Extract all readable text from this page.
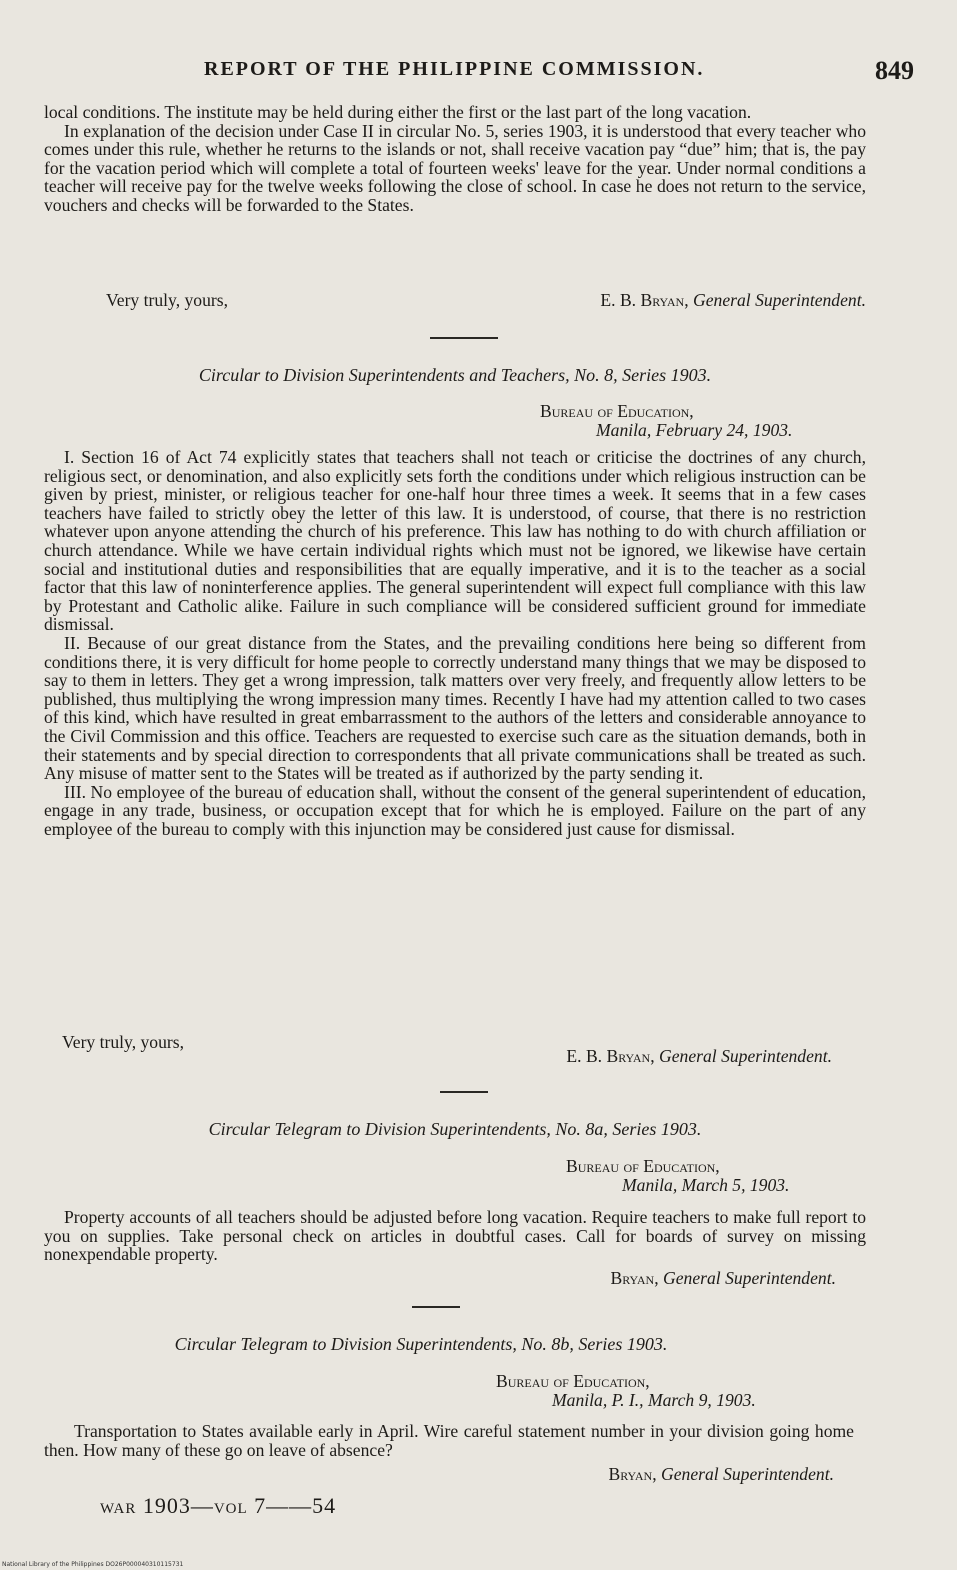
REPORT OF THE PHILIPPINE COMMISSION.	849

local conditions. The institute may be held during either the first or the last part of the long vacation.

In explanation of the decision under Case II in circular No. 5, series 1903, it is understood that every teacher who comes under this rule, whether he returns to the islands or not, shall receive vacation pay “due” him; that is, the pay for the vacation period which will complete a total of fourteen weeks' leave for the year. Under normal conditions a teacher will receive pay for the twelve weeks following the close of school. In case he does not return to the service, vouchers and checks will be forwarded to the States.

Very truly, yours,	E. B. Bryan, General Superintendent.
Circular to Division Superintendents and Teachers, No. 8, Series 1903.
Bureau of Education,
Manila, February 24, 1903.

I. Section 16 of Act 74 explicitly states that teachers shall not teach or criticise the doctrines of any church, religious sect, or denomination, and also explicitly sets forth the conditions under which religious instruction can be given by priest, minister, or religious teacher for one-half hour three times a week. It seems that in a few cases teachers have failed to strictly obey the letter of this law. It is understood, of course, that there is no restriction whatever upon anyone attending the church of his preference. This law has nothing to do with church affiliation or church attendance. While we have certain individual rights which must not be ignored, we likewise have certain social and institutional duties and responsibilities that are equally imperative, and it is to the teacher as a social factor that this law of noninterference applies. The general superintendent will expect full compliance with this law by Protestant and Catholic alike. Failure in such compliance will be considered sufficient ground for immediate dismissal.

II. Because of our great distance from the States, and the prevailing conditions here being so different from conditions there, it is very difficult for home people to correctly understand many things that we may be disposed to say to them in letters. They get a wrong impression, talk matters over very freely, and frequently allow letters to be published, thus multiplying the wrong impression many times. Recently I have had my attention called to two cases of this kind, which have resulted in great embarrassment to the authors of the letters and considerable annoyance to the Civil Commission and this office. Teachers are requested to exercise such care as the situation demands, both in their statements and by special direction to correspondents that all private communications shall be treated as such. Any misuse of matter sent to the States will be treated as if authorized by the party sending it.

III. No employee of the bureau of education shall, without the consent of the general superintendent of education, engage in any trade, business, or occupation except that for which he is employed. Failure on the part of any employee of the bureau to comply with this injunction may be considered just cause for dismissal.

Very truly, yours,
E. B. Bryan, General Superintendent.
Circular Telegram to Division Superintendents, No. 8a, Series 1903.
Bureau of Education,
Manila, March 5, 1903.

Property accounts of all teachers should be adjusted before long vacation. Require teachers to make full report to you on supplies. Take personal check on articles in doubtful cases. Call for boards of survey on missing nonexpendable property.

Bryan, General Superintendent.
Circular Telegram to Division Superintendents, No. 8b, Series 1903.
Bureau of Education,
Manila, P. I., March 9, 1903.

Transportation to States available early in April. Wire careful statement number in your division going home then. How many of these go on leave of absence?

Bryan, General Superintendent.
war 1903—vol 7——54
National Library of the Philippines DO26P000040310115731
